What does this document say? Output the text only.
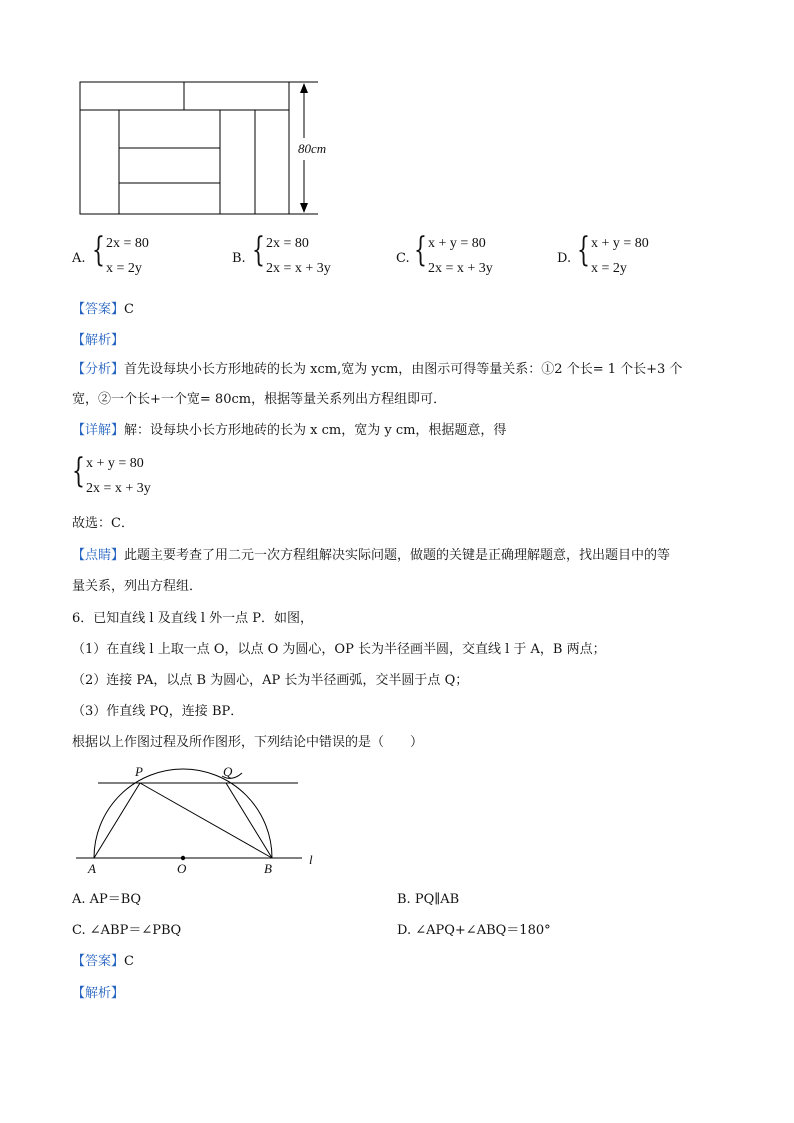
80cm
A. { 2x = 80
x = 2y
B. { 2x = 80
2x = x + 3y
C. { x + y = 80
2x = x + 3y
D. { x + y = 80
x = 2y
【答案】C
【解析】
【分析】首先设每块小长方形地砖的长为 xcm,宽为 ycm，由图示可得等量关系：①2 个长= 1 个长+3 个
宽，②一个长+一个宽= 80cm，根据等量关系列出方程组即可．
【详解】解：设每块小长方形地砖的长为 x cm，宽为 y cm，根据题意，得
{ x + y = 80
2x = x + 3y
故选：C．
【点睛】此题主要考查了用二元一次方程组解决实际问题，做题的关键是正确理解题意，找出题目中的等
量关系，列出方程组．
6．已知直线 l 及直线 l 外一点 P．如图，
（1）在直线 l 上取一点 O，以点 O 为圆心，OP 长为半径画半圆，交直线 l 于 A，B 两点；
（2）连接 PA，以点 B 为圆心，AP 长为半径画弧，交半圆于点 Q；
（3）作直线 PQ，连接 BP．
根据以上作图过程及所作图形，下列结论中错误的是（　　）
P	Q
A	O	B
l
A. AP＝BQ	B. PQ∥AB
C. ∠ABP＝∠PBQ	D. ∠APQ+∠ABQ＝180°
【答案】C
【解析】
